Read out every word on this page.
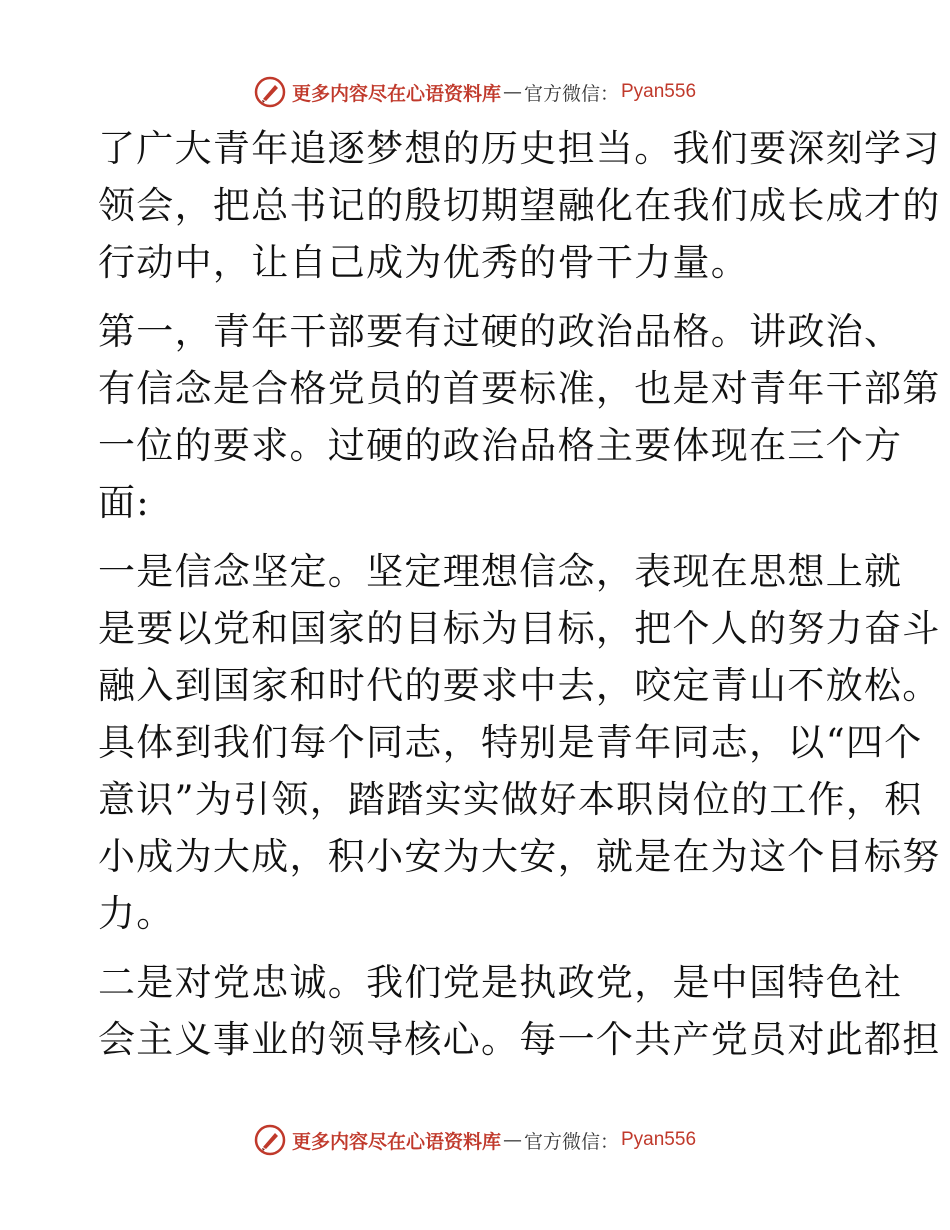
更多内容尽在心语资料库 — 官方微信： Pyan556

了广大青年追逐梦想的历史担当。我们要深刻学习
领会，把总书记的殷切期望融化在我们成长成才的
行动中，让自己成为优秀的骨干力量。

第一，青年干部要有过硬的政治品格。讲政治、
有信念是合格党员的首要标准，也是对青年干部第
一位的要求。过硬的政治品格主要体现在三个方
面:

一是信念坚定。坚定理想信念，表现在思想上就
是要以党和国家的目标为目标，把个人的努力奋斗
融入到国家和时代的要求中去，咬定青山不放松。
具体到我们每个同志，特别是青年同志，以“四个
意识”为引领，踏踏实实做好本职岗位的工作，积
小成为大成，积小安为大安，就是在为这个目标努
力。

二是对党忠诚。我们党是执政党，是中国特色社
会主义事业的领导核心。每一个共产党员对此都担

更多内容尽在心语资料库 — 官方微信： Pyan556
